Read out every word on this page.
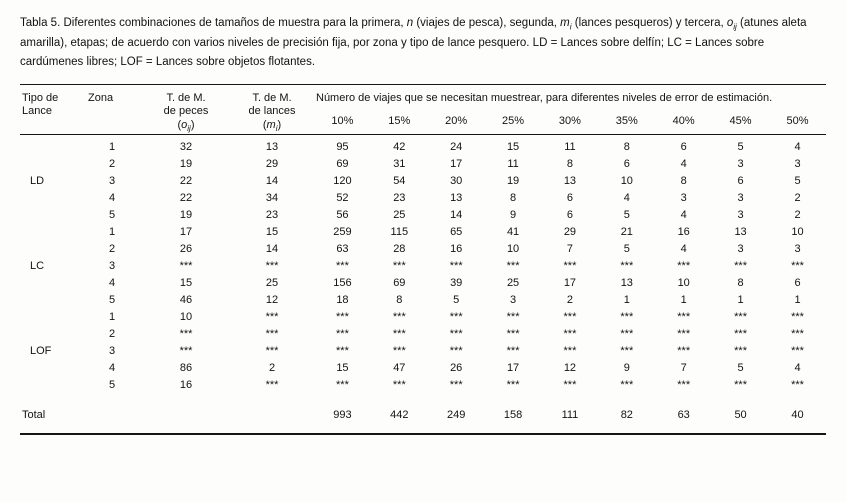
Tabla 5. Diferentes combinaciones de tamaños de muestra para la primera, n (viajes de pesca), segunda, $m_i$ (lances pesqueros) y tercera, $o_{ij}$ (atunes aleta amarilla), etapas; de acuerdo con varios niveles de precisión fija, por zona y tipo de lance pesquero. LD = Lances sobre delfín; LC = Lances sobre cardúmenes libres; LOF = Lances sobre objetos flotantes.

Tipo de
Lance

Zona	T. de M.
de peces
$(o_{ij})$

T. de M.
de lances
$(m_i)$
	Número de viajes que se necesitan muestrear, para diferentes niveles de error de estimación.
				10%	15%	20%	25%	30%	35%	40%	45%	50%
	1	32	13	95	42	24	15	11	8	6	5	4
	2	19	29	69	31	17	11	8	6	4	3	3
LD	3	22	14	120	54	30	19	13	10	8	6	5
	4	22	34	52	23	13	8	6	4	3	3	2
	5	19	23	56	25	14	9	6	5	4	3	2
	1	17	15	259	115	65	41	29	21	16	13	10
	2	26	14	63	28	16	10	7	5	4	3	3
LC	3	***	***	***	***	***	***	***	***	***	***	***
	4	15	25	156	69	39	25	17	13	10	8	6
	5	46	12	18	8	5	3	2	1	1	1	1
	1	10	***	***	***	***	***	***	***	***	***	***
	2	***	***	***	***	***	***	***	***	***	***	***
LOF	3	***	***	***	***	***	***	***	***	***	***	***
	4	86	2	15	47	26	17	12	9	7	5	4
	5	16	***	***	***	***	***	***	***	***	***	***
Total				993	442	249	158	111	82	63	50	40
